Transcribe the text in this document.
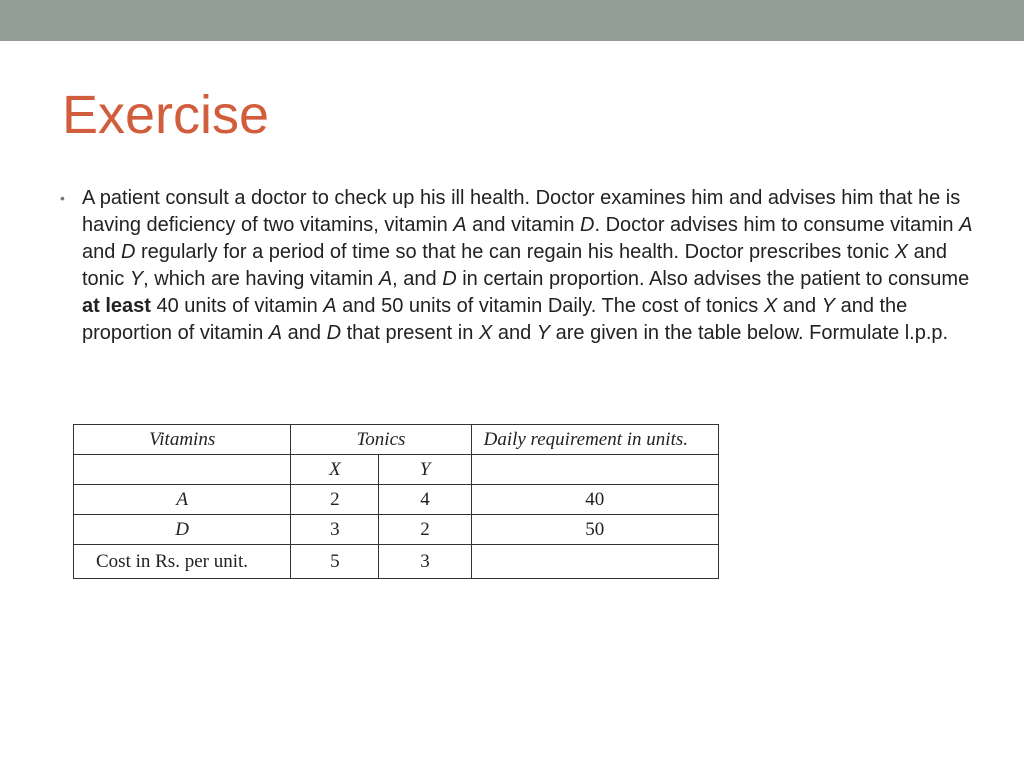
Exercise
• A patient consult a doctor to check up his ill health. Doctor examines him and advises him that he is having deficiency of two vitamins, vitamin A and vitamin D. Doctor advises him to consume vitamin A and D regularly for a period of time so that he can regain his health. Doctor prescribes tonic X and tonic Y, which are having vitamin A, and D in certain proportion. Also advises the patient to consume at least 40 units of vitamin A and 50 units of vitamin Daily. The cost of tonics X and Y and the proportion of vitamin A and D that present in X and Y are given in the table below. Formulate l.p.p.
Vitamins	Tonics		Daily requirement in units.
	X	Y	
A	2	4	40
D	3	2	50
Cost in Rs. per unit.	5	3	
